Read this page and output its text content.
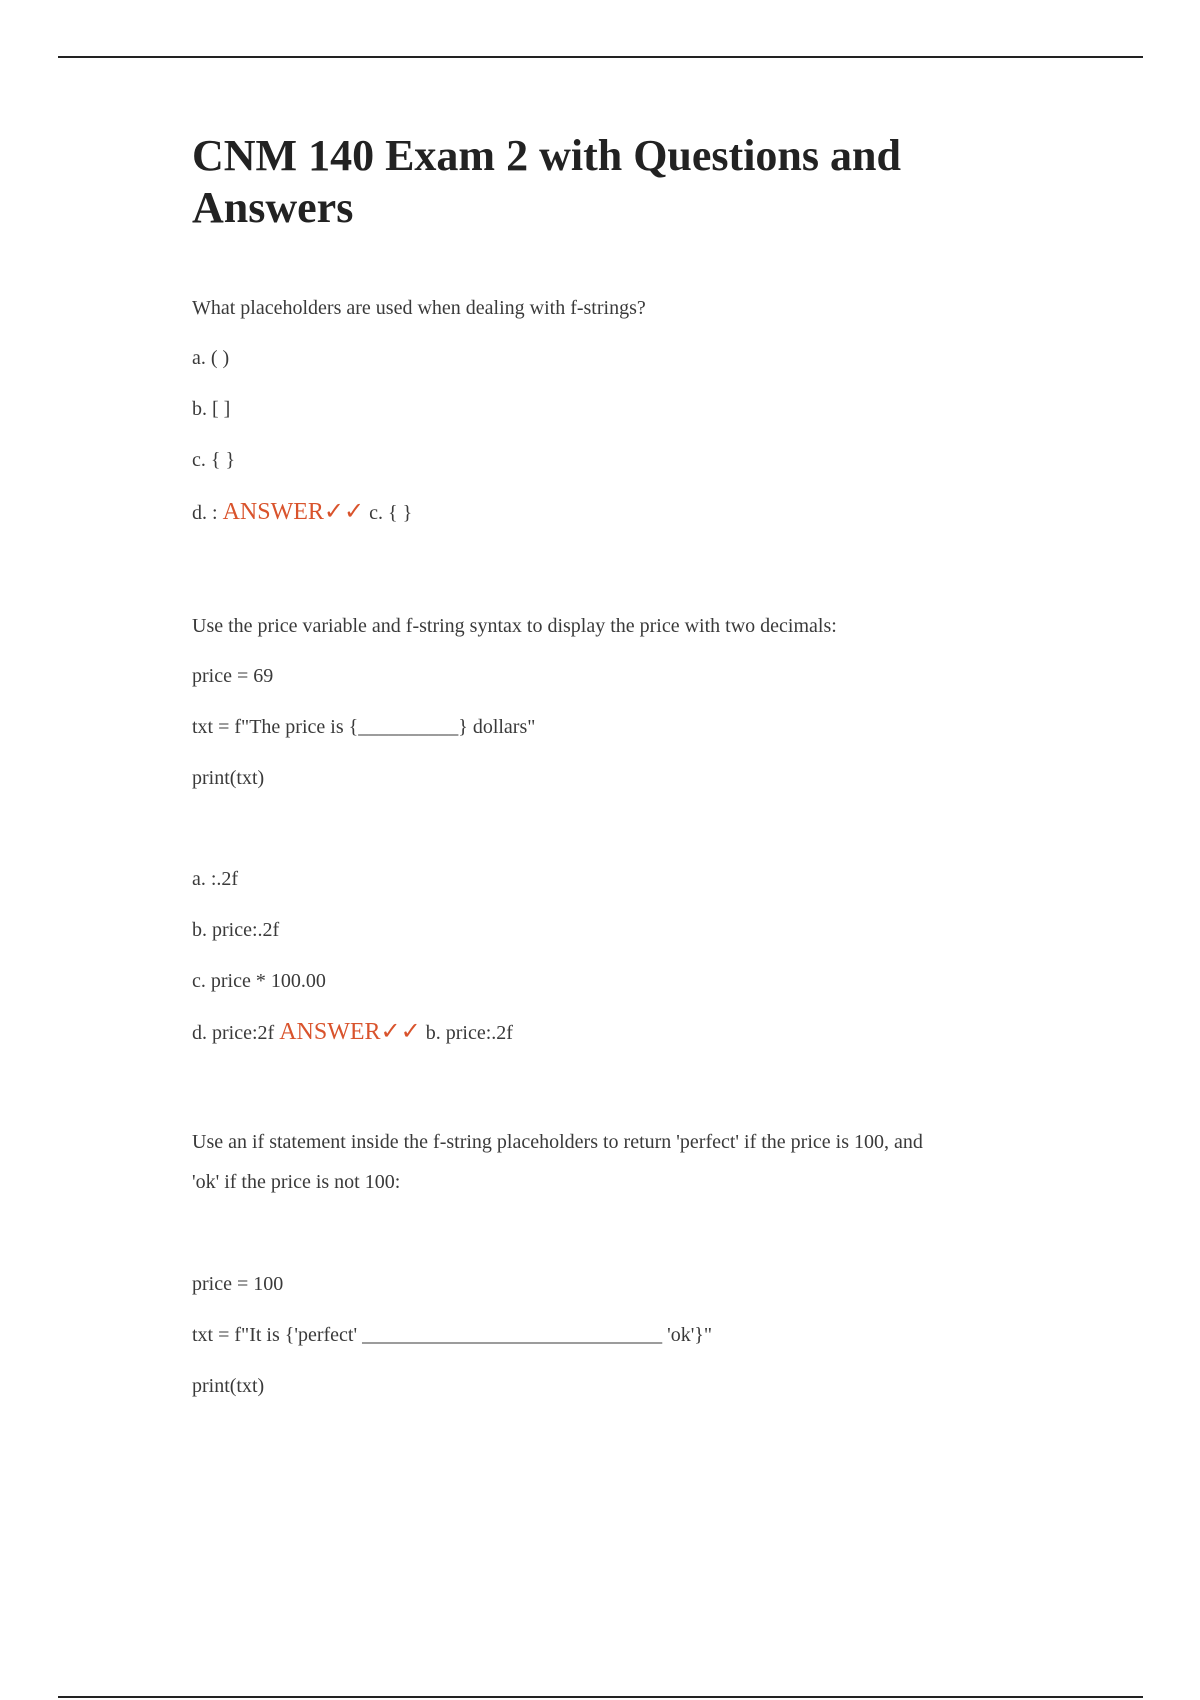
CNM 140 Exam 2 with Questions and
Answers
What placeholders are used when dealing with f-strings?
a. ( )
b. [ ]
c. { }
d. : ANSWER✓✓ c. { }
Use the price variable and f-string syntax to display the price with two decimals:
price = 69
txt = f"The price is {__________} dollars"
print(txt)
a. :.2f
b. price:.2f
c. price * 100.00
d. price:2f ANSWER✓✓ b. price:.2f
Use an if statement inside the f-string placeholders to return 'perfect' if the price is 100, and
'ok' if the price is not 100:
price = 100
txt = f"It is {'perfect' ______________________________ 'ok'}"
print(txt)
